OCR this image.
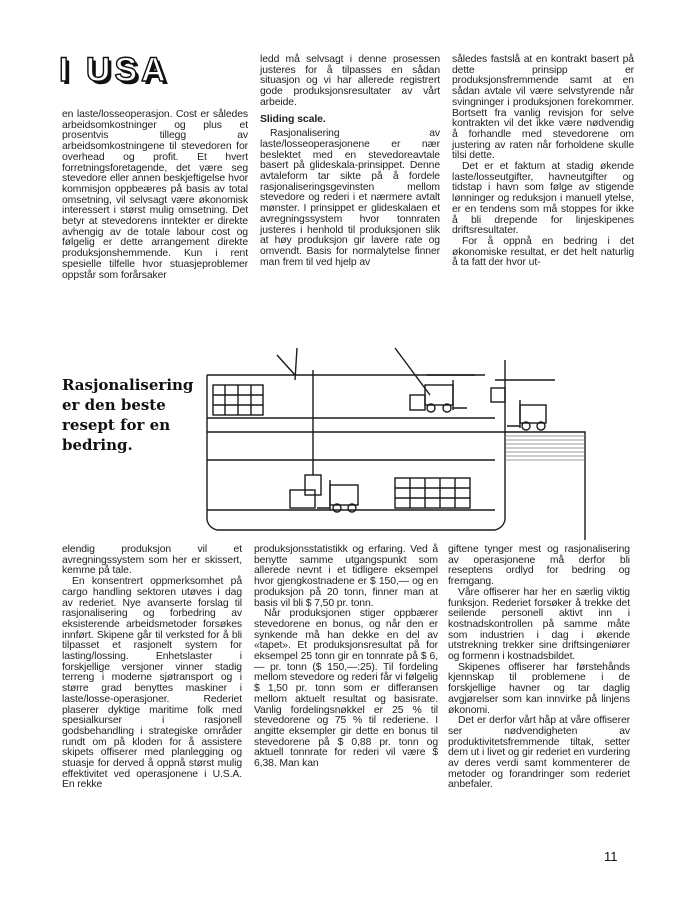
I USA

en laste/losseoperasjon. Cost er således arbeidsomkostninger og plus et prosentvis tillegg av arbeidsomkostningene til stevedoren for overhead og profit. Et hvert forretningsforetagende, det være seg stevedore eller annen beskjeftigelse hvor kommisjon oppbeæres på basis av total omsetning, vil selvsagt være økonomisk interessert i størst mulig omsetning. Det betyr at stevedorens inntekter er direkte avhengig av de totale labour cost og følgelig er dette arrangement direkte produksjonshemmende. Kun i rent spesielle tilfelle hvor stuasjeproblemer oppstår som forårsaker

ledd må selvsagt i denne prosessen justeres for å tilpasses en sådan situasjon og vi har allerede registrert gode produksjonsresultater av vårt arbeide.

Sliding scale.

Rasjonalisering av laste/losseoperasjonene er nær beslektet med en stevedoreavtale basert på glideskala-prinsippet. Denne avtaleform tar sikte på å fordele rasjonaliseringsgevinsten mellom stevedore og rederi i et nærmere avtalt mønster. I prinsippet er glideskalaen et avregningssystem hvor tonnraten justeres i henhold til produksjonen slik at høy produksjon gir lavere rate og omvendt. Basis for normalytelse finner man frem til ved hjelp av

således fastslå at en kontrakt basert på dette prinsipp er produksjonsfremmende samt at en sådan avtale vil være selvstyrende når svingninger i produksjonen forekommer. Bortsett fra vanlig revisjon for selve kontrakten vil det ikke være nødvendig å forhandle med stevedorene om justering av raten når forholdene skulle tilsi dette.

Det er et faktum at stadig økende laste/losseutgifter, havneutgifter og tidstap i havn som følge av stigende lønninger og reduksjon i manuell ytelse, er en tendens som må stoppes for ikke å bli drepende for linjeskipenes driftsresultater.

For å oppnå en bedring i det økonomiske resultat, er det helt naturlig å ta fatt der hvor ut-

Rasjonalisering er den beste resept for en bedring.

elendig produksjon vil et avregningssystem som her er skissert, kemme på tale.

En konsentrert oppmerksomhet på cargo handling sektoren utøves i dag av rederiet. Nye avanserte forslag til rasjonalisering og forbedring av eksisterende arbeidsmetoder forsøkes innført. Skipene går til verksted for å bli tilpasset et rasjonelt system for lasting/lossing. Enhetslaster i forskjellige versjoner vinner stadig terreng i moderne sjøtransport og i større grad benyttes maskiner i laste/losse-operasjoner. Rederiet plaserer dyktige maritime folk med spesialkurser i rasjonell godsbehandling i strategiske områder rundt om på kloden for å assistere skipets offiserer med planlegging og stuasje for derved å oppnå størst mulig effektivitet ved operasjonene i U.S.A. En rekke

produksjonsstatistikk og erfaring. Ved å benytte samme utgangspunkt som allerede nevnt i et tidligere eksempel hvor gjengkostnadene er $ 150,— og en produksjon på 20 tonn, finner man at basis vil bli $ 7,50 pr. tonn.

Når produksjonen stiger oppbærer stevedorene en bonus, og når den er synkende må han dekke en del av «tapet». Et produksjonsresultat på for eksempel 25 tonn gir en tonnrate på $ 6,— pr. tonn ($ 150,—:25). Til fordeling mellom stevedore og rederi får vi følgelig $ 1,50 pr. tonn som er differansen mellom aktuelt resultat og basisrate. Vanlig fordelingsnøkkel er 25 % til stevedorene og 75 % til rederiene. I angitte eksempler gir dette en bonus til stevedorene på $ 0,88 pr. tonn og aktuell tonnrate for rederi vil være $ 6,38. Man kan

giftene tynger mest og rasjonalisering av operasjonene må derfor bli reseptens ordlyd for bedring og fremgang.

Våre offiserer har her en særlig viktig funksjon. Rederiet forsøker å trekke det seilende personell aktivt inn i kostnadskontrollen på samme måte som industrien i dag i økende utstrekning trekker sine driftsingeniører og formenn i kostnadsbildet.

Skipenes offiserer har førstehånds kjennskap til problemene i de forskjellige havner og tar daglig avgjørelser som kan innvirke på linjens økonomi.

Det er derfor vårt håp at våre offiserer ser nødvendigheten av produktivitetsfremmende tiltak, setter dem ut i livet og gir rederiet en vurdering av deres verdi samt kommenterer de metoder og forandringer som rederiet anbefaler.

11
